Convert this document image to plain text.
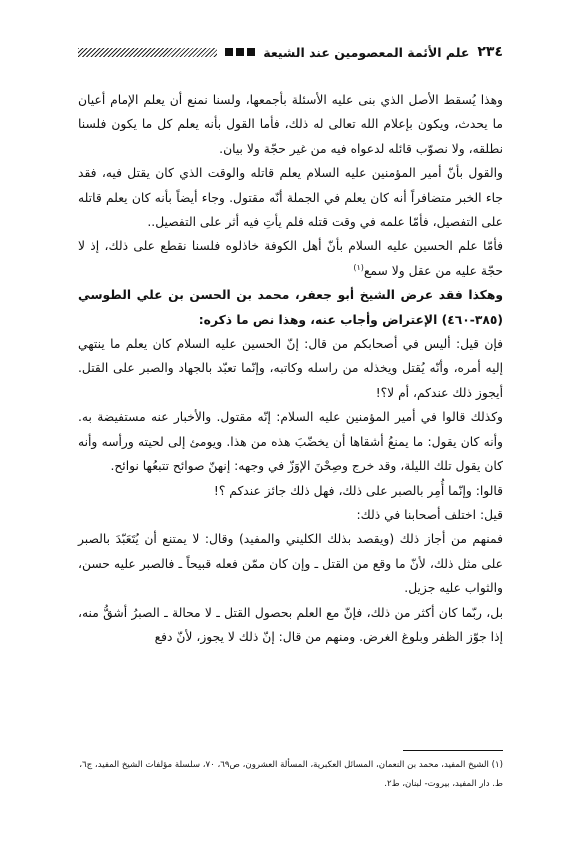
٢٣٤
علم الأئمة المعصومين عند الشيعة

وهذا يُسقط الأصل الذي بنى عليه الأسئلة بأجمعها، ولسنا نمنع أن يعلم الإمام أعيان ما يحدث، ويكون بإعلام الله تعالى له ذلك، فأما القول بأنه يعلم كل ما يكون فلسنا نطلقه، ولا نصوّب قائله لدعواه فيه من غير حجّة ولا بيان.

والقول بأنّ أمير المؤمنين عليه السلام يعلم قاتله والوقت الذي كان يقتل فيه، فقد جاء الخبر متضافراً أنه كان يعلم في الجملة أنّه مقتول. وجاء أيضاً بأنه كان يعلم قاتله على التفصيل، فأمّا علمه في وقت قتله فلم يأتِ فيه أثر على التفصيل..

فأمّا علم الحسين عليه السلام بأنّ أهل الكوفة خاذلوه فلسنا نقطع على ذلك، إذ لا حجّة عليه من عقل ولا سمع$^{(١)}$

وهكذا فقد عرض الشيخ أبو جعفر، محمد بن الحسن بن علي الطوسي (٣٨٥-٤٦٠) الإعتراض وأجاب عنه، وهذا نص ما ذكره:

فإن قيل: أليس في أصحابكم من قال: إنّ الحسين عليه السلام كان يعلم ما ينتهي إليه أمره، وأنّه يُقتل ويخذله من راسله وكاتبه، وإنّما تعبّد بالجهاد والصبر على القتل. أيجوز ذلك عندكم، أم لا؟!

وكذلك قالوا في أمير المؤمنين عليه السلام: إنّه مقتول. والأخبار عنه مستفيضة به. وأنه كان يقول: ما يمنعُ أشقاها أن يخضّبَ هذه من هذا. ويومئ إلى لحيته ورأسه وأنه كان يقول تلك الليلة، وقد خرج وصِحْنَ الإوَزّ في وجهه: إنهنّ صوائح تتبعُها نوائح.

قالوا: وإنّما أُمِر بالصبر على ذلك، فهل ذلك جائز عندكم ؟!

قيل: اختلف أصحابنا في ذلك:

فمنهم من أجاز ذلك (ويقصد بذلك الكليني والمفيد) وقال: لا يمتنع أن يُتَعَبّدَ بالصبر على مثل ذلك، لأنّ ما وقع من القتل ـ وإن كان ممّن فعله قبيحاً ـ فالصبر عليه حسن، والثواب عليه جزيل.

بل، ربّما كان أكثر من ذلك، فإنّ مع العلم بحصول القتل ـ لا محالة ـ الصبرُ أشقُّ منه، إذا جوّز الظفر وبلوغ الغرض. ومنهم من قال: إنّ ذلك لا يجوز، لأنّ دفع

(١) الشيخ المفيد، محمد بن النعمان، المسائل العكبرية، المسألة العشرون، ص٦٩، ٧٠، سلسلة مؤلفات الشيخ المفيد، ج٦،
ط. دار المفيد، بيروت- لبنان، ط٢.
